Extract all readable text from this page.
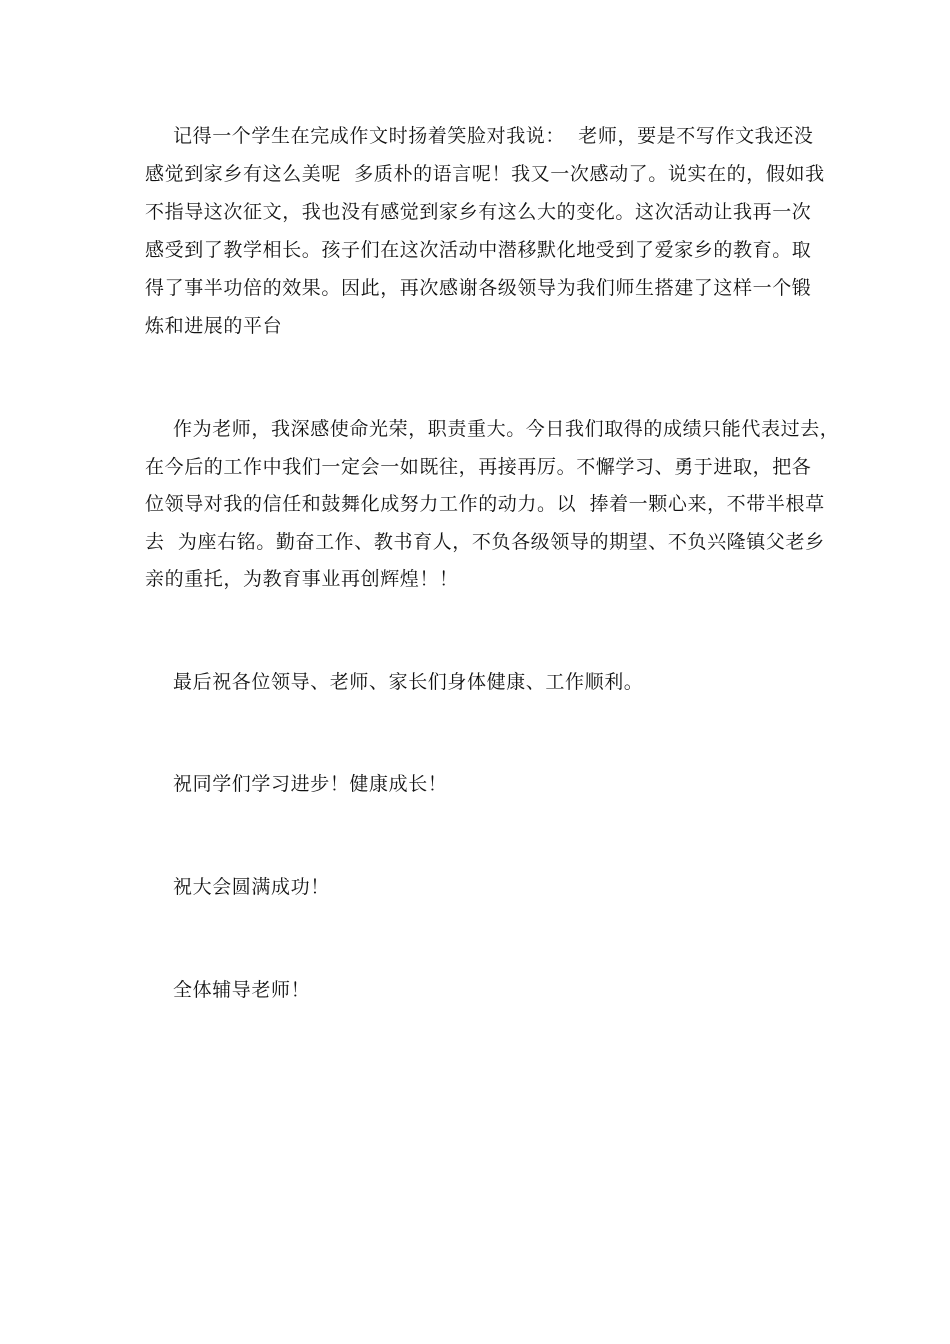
记得一个学生在完成作文时扬着笑脸对我说：  老师，要是不写作文我还没
感觉到家乡有这么美呢  多质朴的语言呢！我又一次感动了。说实在的，假如我
不指导这次征文，我也没有感觉到家乡有这么大的变化。这次活动让我再一次
感受到了教学相长。孩子们在这次活动中潜移默化地受到了爱家乡的教育。取
得了事半功倍的效果。因此，再次感谢各级领导为我们师生搭建了这样一个锻
炼和进展的平台
作为老师，我深感使命光荣，职责重大。今日我们取得的成绩只能代表过去，
在今后的工作中我们一定会一如既往，再接再厉。不懈学习、勇于进取，把各
位领导对我的信任和鼓舞化成努力工作的动力。以  捧着一颗心来，不带半根草
去  为座右铭。勤奋工作、教书育人，不负各级领导的期望、不负兴隆镇父老乡
亲的重托，为教育事业再创辉煌！！
最后祝各位领导、老师、家长们身体健康、工作顺利。
祝同学们学习进步！健康成长！
祝大会圆满成功！
全体辅导老师！
